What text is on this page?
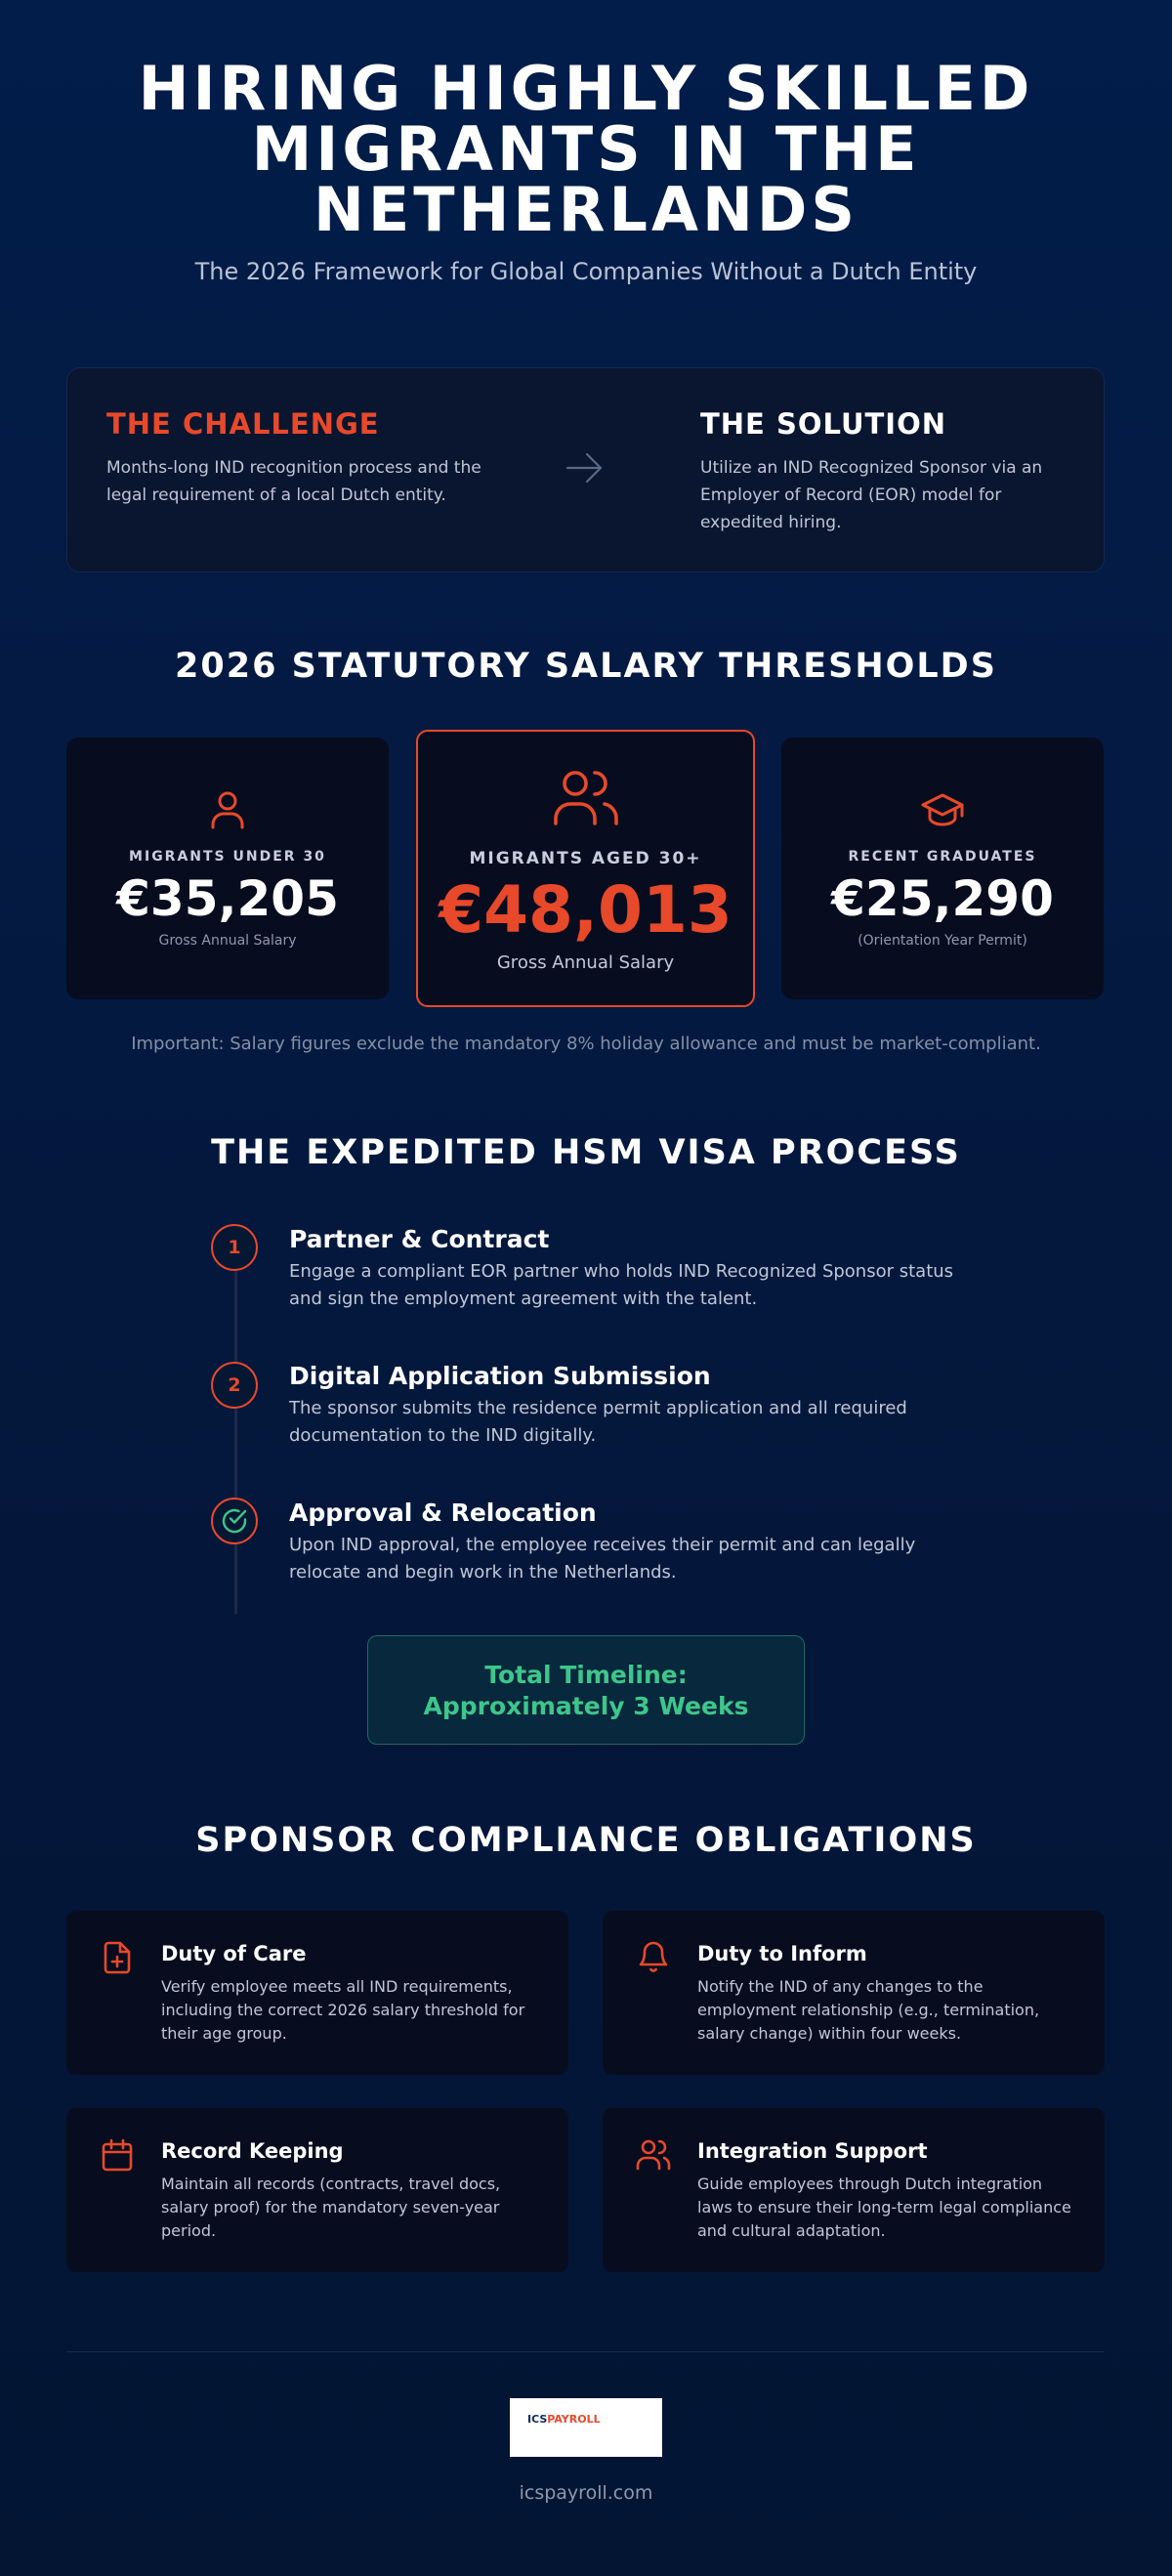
HIRING HIGHLY SKILLED
MIGRANTS IN THE
NETHERLANDS
The 2026 Framework for Global Companies Without a Dutch Entity
THE CHALLENGE
Months-long IND recognition process and the legal requirement of a local Dutch entity.
THE SOLUTION
Utilize an IND Recognized Sponsor via an Employer of Record (EOR) model for expedited hiring.
2026 STATUTORY SALARY THRESHOLDS
MIGRANTS UNDER 30
€35,205
Gross Annual Salary
MIGRANTS AGED 30+
€48,013
Gross Annual Salary
RECENT GRADUATES
€25,290
(Orientation Year Permit)
Important: Salary figures exclude the mandatory 8% holiday allowance and must be market-compliant.
THE EXPEDITED HSM VISA PROCESS
1	Partner & Contract
Engage a compliant EOR partner who holds IND Recognized Sponsor status and sign the employment agreement with the talent.
2	Digital Application Submission
The sponsor submits the residence permit application and all required documentation to the IND digitally.
Approval & Relocation
Upon IND approval, the employee receives their permit and can legally relocate and begin work in the Netherlands.
Total Timeline:
Approximately 3 Weeks
SPONSOR COMPLIANCE OBLIGATIONS
Duty of Care
Verify employee meets all IND requirements, including the correct 2026 salary threshold for their age group.
Duty to Inform
Notify the IND of any changes to the employment relationship (e.g., termination, salary change) within four weeks.
Record Keeping
Maintain all records (contracts, travel docs, salary proof) for the mandatory seven-year period.
Integration Support
Guide employees through Dutch integration laws to ensure their long-term legal compliance and cultural adaptation.
ICSPAYROLL
icspayroll.com
